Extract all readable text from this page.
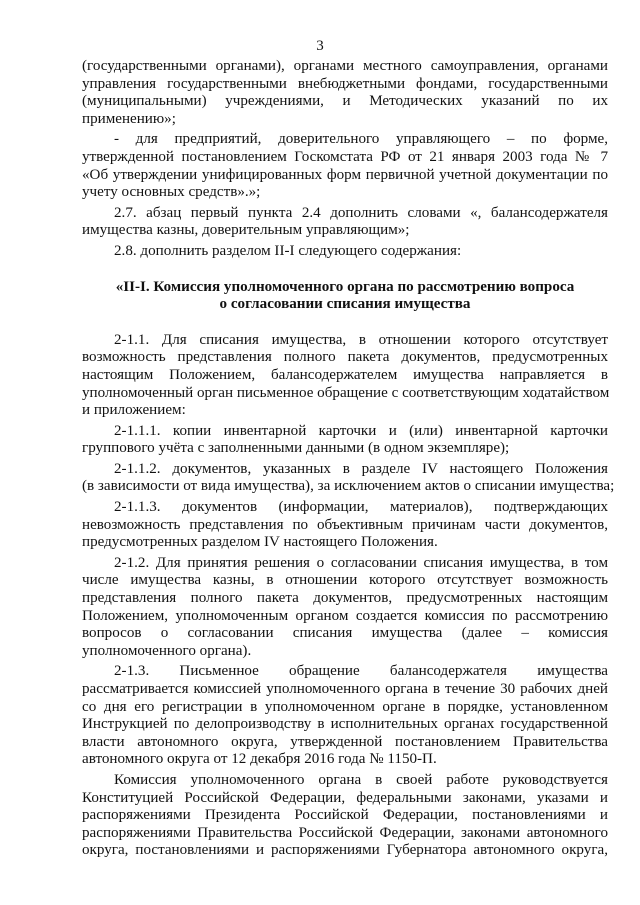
3
(государственными органами), органами местного самоуправления, органами
управления государственными внебюджетными фондами, государственными
(муниципальными) учреждениями, и Методических указаний по их
применению»;
- для предприятий, доверительного управляющего – по форме,
утвержденной постановлением Госкомстата РФ от 21 января 2003 года № 7
«Об утверждении унифицированных форм первичной учетной документации по
учету основных средств».»;
2.7. абзац первый пункта 2.4 дополнить словами «, балансодержателя
имущества казны, доверительным управляющим»;
2.8. дополнить разделом II-I следующего содержания:
«II-I. Комиссия уполномоченного органа по рассмотрению вопроса
о согласовании списания имущества
2-1.1. Для списания имущества, в отношении которого отсутствует
возможность представления полного пакета документов, предусмотренных
настоящим Положением, балансодержателем имущества направляется в
уполномоченный орган письменное обращение с соответствующим ходатайством
и приложением:
2-1.1.1. копии инвентарной карточки и (или) инвентарной карточки
группового учёта с заполненными данными (в одном экземпляре);
2-1.1.2. документов, указанных в разделе IV настоящего Положения
(в зависимости от вида имущества), за исключением актов о списании имущества;
2-1.1.3. документов (информации, материалов), подтверждающих
невозможность представления по объективным причинам части документов,
предусмотренных разделом IV настоящего Положения.
2-1.2. Для принятия решения о согласовании списания имущества, в том
числе имущества казны, в отношении которого отсутствует возможность
представления полного пакета документов, предусмотренных настоящим
Положением, уполномоченным органом создается комиссия по рассмотрению
вопросов о согласовании списания имущества (далее – комиссия
уполномоченного органа).
2-1.3. Письменное обращение балансодержателя имущества
рассматривается комиссией уполномоченного органа в течение 30 рабочих дней
со дня его регистрации в уполномоченном органе в порядке, установленном
Инструкцией по делопроизводству в исполнительных органах государственной
власти автономного округа, утвержденной постановлением Правительства
автономного округа от 12 декабря 2016 года № 1150-П.
Комиссия уполномоченного органа в своей работе руководствуется
Конституцией Российской Федерации, федеральными законами, указами и
распоряжениями Президента Российской Федерации, постановлениями и
распоряжениями Правительства Российской Федерации, законами автономного
округа, постановлениями и распоряжениями Губернатора автономного округа,
